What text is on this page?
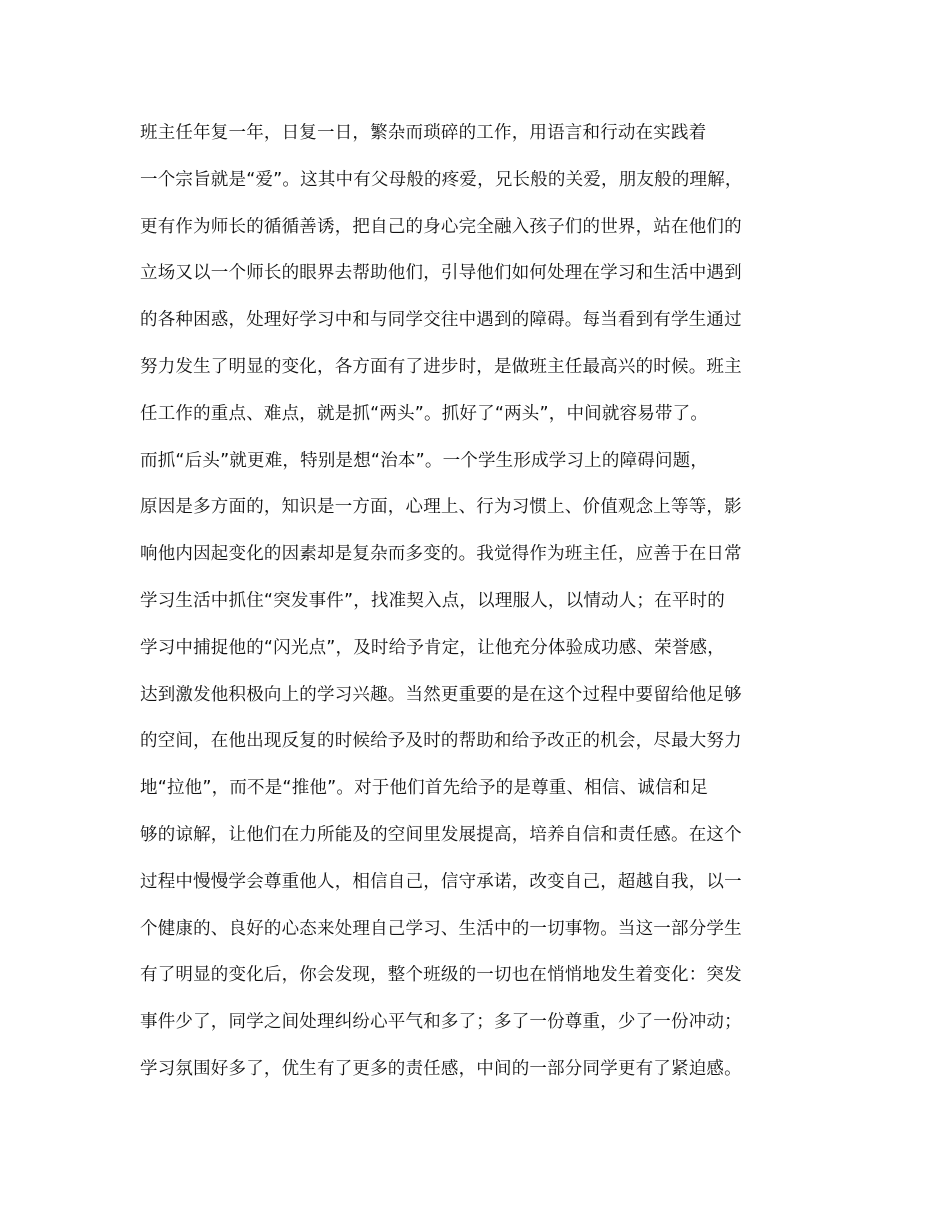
班主任年复一年，日复一日，繁杂而琐碎的工作，用语言和行动在实践着
一个宗旨就是“爱”。这其中有父母般的疼爱，兄长般的关爱，朋友般的理解，
更有作为师长的循循善诱，把自己的身心完全融入孩子们的世界，站在他们的
立场又以一个师长的眼界去帮助他们，引导他们如何处理在学习和生活中遇到
的各种困惑，处理好学习中和与同学交往中遇到的障碍。每当看到有学生通过
努力发生了明显的变化，各方面有了进步时，是做班主任最高兴的时候。班主
任工作的重点、难点，就是抓“两头”。抓好了“两头”，中间就容易带了。
而抓“后头”就更难，特别是想“治本”。一个学生形成学习上的障碍问题，
原因是多方面的，知识是一方面，心理上、行为习惯上、价值观念上等等，影
响他内因起变化的因素却是复杂而多变的。我觉得作为班主任，应善于在日常
学习生活中抓住“突发事件”，找准契入点，以理服人，以情动人；在平时的
学习中捕捉他的“闪光点”，及时给予肯定，让他充分体验成功感、荣誉感，
达到激发他积极向上的学习兴趣。当然更重要的是在这个过程中要留给他足够
的空间，在他出现反复的时候给予及时的帮助和给予改正的机会，尽最大努力
地“拉他”，而不是“推他”。对于他们首先给予的是尊重、相信、诚信和足
够的谅解，让他们在力所能及的空间里发展提高，培养自信和责任感。在这个
过程中慢慢学会尊重他人，相信自己，信守承诺，改变自己，超越自我，以一
个健康的、良好的心态来处理自己学习、生活中的一切事物。当这一部分学生
有了明显的变化后，你会发现，整个班级的一切也在悄悄地发生着变化：突发
事件少了，同学之间处理纠纷心平气和多了；多了一份尊重，少了一份冲动；
学习氛围好多了，优生有了更多的责任感，中间的一部分同学更有了紧迫感。
